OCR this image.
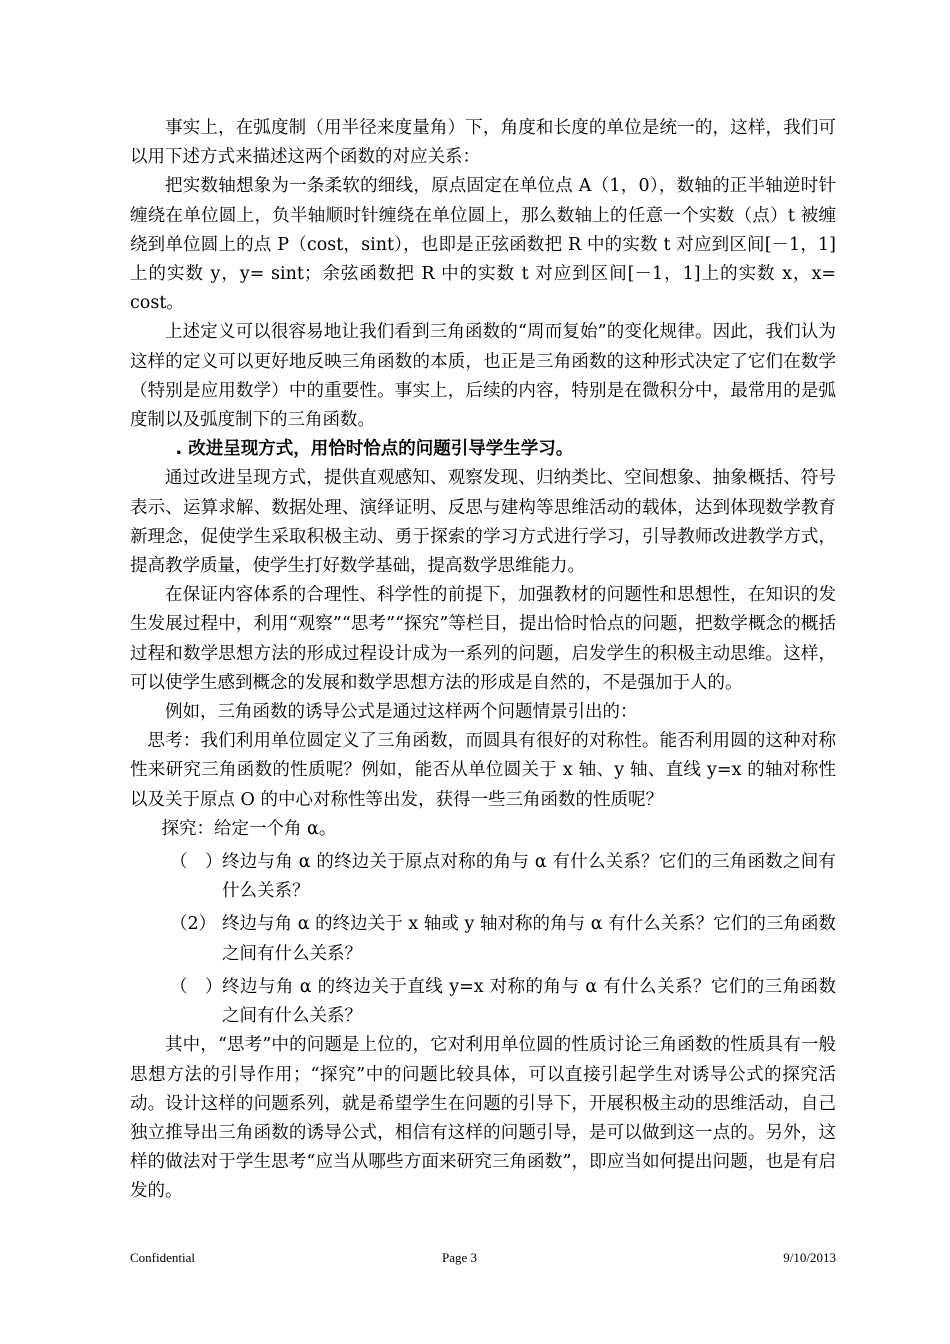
事实上，在弧度制（用半径来度量角）下，角度和长度的单位是统一的，这样，我们可以用下述方式来描述这两个函数的对应关系：

把实数轴想象为一条柔软的细线，原点固定在单位点 A（1，0），数轴的正半轴逆时针缠绕在单位圆上，负半轴顺时针缠绕在单位圆上，那么数轴上的任意一个实数（点）t 被缠绕到单位圆上的点 P（cost，sint），也即是正弦函数把 R 中的实数 t 对应到区间[－1，1]上的实数 y，y= sint；余弦函数把 R 中的实数 t 对应到区间[－1，1]上的实数 x，x= cost。

上述定义可以很容易地让我们看到三角函数的“周而复始”的变化规律。因此，我们认为这样的定义可以更好地反映三角函数的本质，也正是三角函数的这种形式决定了它们在数学（特别是应用数学）中的重要性。事实上，后续的内容，特别是在微积分中，最常用的是弧度制以及弧度制下的三角函数。

. 改进呈现方式，用恰时恰点的问题引导学生学习。

通过改进呈现方式，提供直观感知、观察发现、归纳类比、空间想象、抽象概括、符号表示、运算求解、数据处理、演绎证明、反思与建构等思维活动的载体，达到体现数学教育新理念，促使学生采取积极主动、勇于探索的学习方式进行学习，引导教师改进教学方式，提高教学质量，使学生打好数学基础，提高数学思维能力。

在保证内容体系的合理性、科学性的前提下，加强教材的问题性和思想性，在知识的发生发展过程中，利用“观察”“思考”“探究”等栏目，提出恰时恰点的问题，把数学概念的概括过程和数学思想方法的形成过程设计成为一系列的问题，启发学生的积极主动思维。这样，可以使学生感到概念的发展和数学思想方法的形成是自然的，不是强加于人的。

例如，三角函数的诱导公式是通过这样两个问题情景引出的：

思考：我们利用单位圆定义了三角函数，而圆具有很好的对称性。能否利用圆的这种对称性来研究三角函数的性质呢？例如，能否从单位圆关于 x 轴、y 轴、直线 y=x 的轴对称性以及关于原点 O 的中心对称性等出发，获得一些三角函数的性质呢？

探究：给定一个角 α。

（　） 终边与角 α 的终边关于原点对称的角与 α 有什么关系？它们的三角函数之间有什么关系？
（2） 终边与角 α 的终边关于 x 轴或 y 轴对称的角与 α 有什么关系？它们的三角函数之间有什么关系？
（　） 终边与角 α 的终边关于直线 y=x 对称的角与 α 有什么关系？它们的三角函数之间有什么关系？

其中，“思考”中的问题是上位的，它对利用单位圆的性质讨论三角函数的性质具有一般思想方法的引导作用；“探究”中的问题比较具体，可以直接引起学生对诱导公式的探究活动。设计这样的问题系列，就是希望学生在问题的引导下，开展积极主动的思维活动，自己独立推导出三角函数的诱导公式，相信有这样的问题引导，是可以做到这一点的。另外，这样的做法对于学生思考“应当从哪些方面来研究三角函数”，即应当如何提出问题，也是有启发的。

Confidential	Page 3	9/10/2013
